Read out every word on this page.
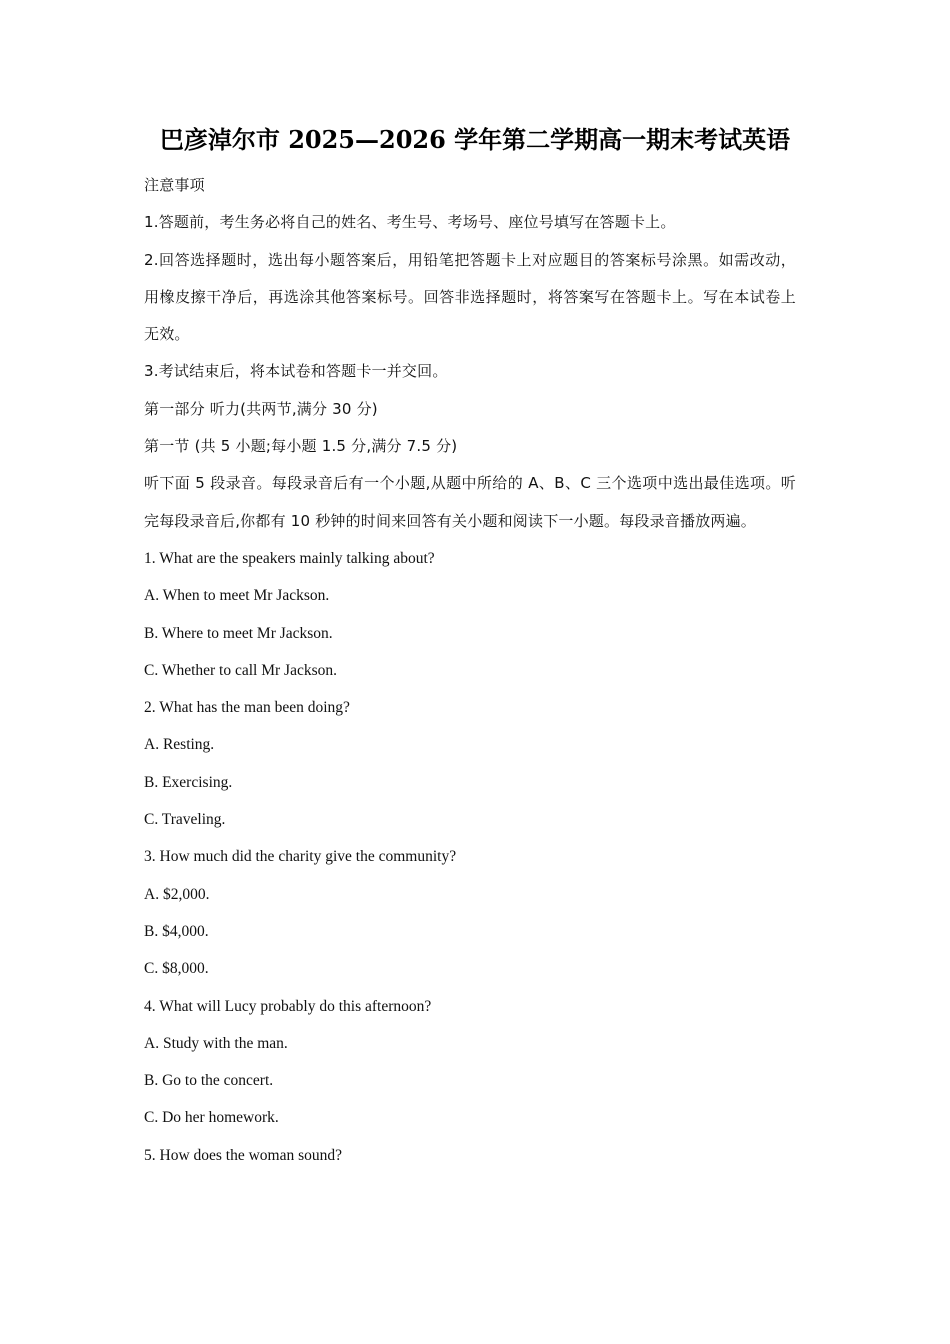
巴彦淖尔市 2025—2026 学年第二学期高一期末考试英语

注意事项

1.答题前，考生务必将自己的姓名、考生号、考场号、座位号填写在答题卡上。

2.回答选择题时，选出每小题答案后，用铅笔把答题卡上对应题目的答案标号涂黑。如需改动，用橡皮擦干净后，再选涂其他答案标号。回答非选择题时，将答案写在答题卡上。写在本试卷上无效。

3.考试结束后，将本试卷和答题卡一并交回。

第一部分 听力(共两节,满分 30 分)

第一节 (共 5 小题;每小题 1.5 分,满分 7.5 分)

听下面 5 段录音。每段录音后有一个小题,从题中所给的 A、B、C 三个选项中选出最佳选项。听完每段录音后,你都有 10 秒钟的时间来回答有关小题和阅读下一小题。每段录音播放两遍。

1. What are the speakers mainly talking about?

A. When to meet Mr Jackson.

B. Where to meet Mr Jackson.

C. Whether to call Mr Jackson.

2. What has the man been doing?

A. Resting.

B. Exercising.

C. Traveling.

3. How much did the charity give the community?

A. $2,000.

B. $4,000.

C. $8,000.

4. What will Lucy probably do this afternoon?

A. Study with the man.

B. Go to the concert.

C. Do her homework.

5. How does the woman sound?
